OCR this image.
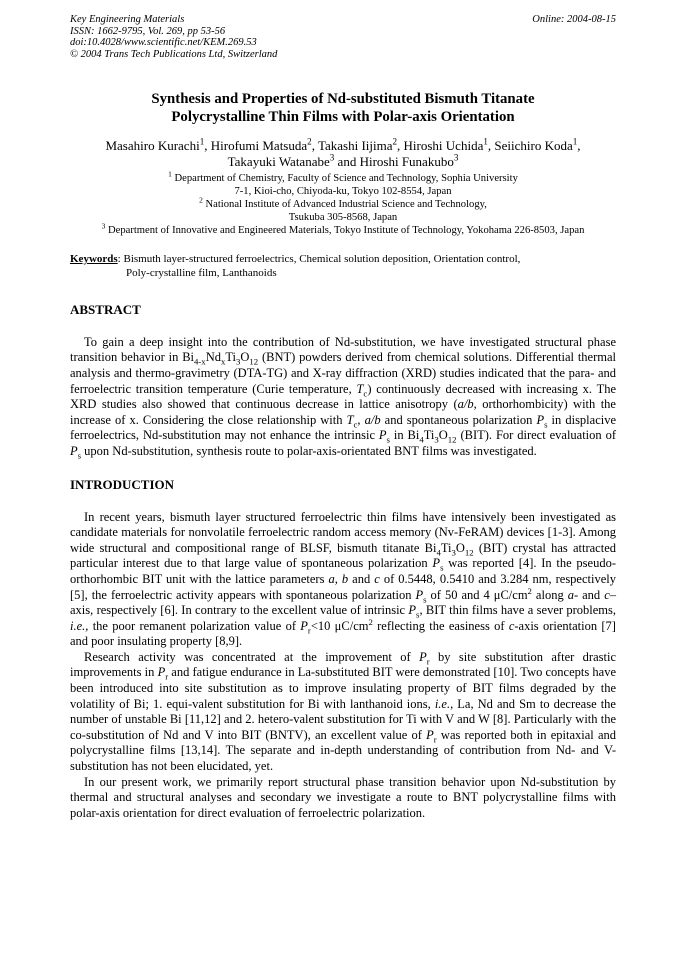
Key Engineering Materials
ISSN: 1662-9795, Vol. 269, pp 53-56
doi:10.4028/www.scientific.net/KEM.269.53
© 2004 Trans Tech Publications Ltd, Switzerland
Online: 2004-08-15
Synthesis and Properties of Nd-substituted Bismuth Titanate
Polycrystalline Thin Films with Polar-axis Orientation
Masahiro Kurachi$^1$, Hirofumi Matsuda$^2$, Takashi Iijima$^2$, Hiroshi Uchida$^1$, Seiichiro Koda$^1$,
Takayuki Watanabe$^3$ and Hiroshi Funakubo$^3$
$^1$ Department of Chemistry, Faculty of Science and Technology, Sophia University
7-1, Kioi-cho, Chiyoda-ku, Tokyo 102-8554, Japan
$^2$ National Institute of Advanced Industrial Science and Technology,
Tsukuba 305-8568, Japan
$^3$ Department of Innovative and Engineered Materials, Tokyo Institute of Technology, Yokohama 226-8503, Japan
Keywords: Bismuth layer-structured ferroelectrics, Chemical solution deposition, Orientation control,
Poly-crystalline film, Lanthanoids
ABSTRACT

To gain a deep insight into the contribution of Nd-substitution, we have investigated structural phase transition behavior in $Bi_{4-x}Nd_xTi_3O_{12}$ (BNT) powders derived from chemical solutions. Differential thermal analysis and thermo-gravimetry (DTA-TG) and X-ray diffraction (XRD) studies indicated that the para- and ferroelectric transition temperature (Curie temperature, $T_c$) continuously decreased with increasing x. The XRD studies also showed that continuous decrease in lattice anisotropy (a/b, orthorhombicity) with the increase of x. Considering the close relationship with $T_c$, a/b and spontaneous polarization $P_s$ in displacive ferroelectrics, Nd-substitution may not enhance the intrinsic $P_s$ in $Bi_4Ti_3O_{12}$ (BIT). For direct evaluation of $P_s$ upon Nd-substitution, synthesis route to polar-axis-orientated BNT films was investigated.

INTRODUCTION

In recent years, bismuth layer structured ferroelectric thin films have intensively been investigated as candidate materials for nonvolatile ferroelectric random access memory (Nv-FeRAM) devices [1-3]. Among wide structural and compositional range of BLSF, bismuth titanate $Bi_4Ti_3O_{12}$ (BIT) crystal has attracted particular interest due to that large value of spontaneous polarization $P_s$ was reported [4]. In the pseudo-orthorhombic BIT unit with the lattice parameters a, b and c of 0.5448, 0.5410 and 3.284 nm, respectively [5], the ferroelectric activity appears with spontaneous polarization $P_s$ of 50 and 4 $\mu C/cm^2$ along a- and c–axis, respectively [6]. In contrary to the excellent value of intrinsic $P_s$, BIT thin films have a sever problems, i.e., the poor remanent polarization value of $P_r<10$ $\mu C/cm^2$ reflecting the easiness of c-axis orientation [7] and poor insulating property [8,9].

Research activity was concentrated at the improvement of $P_r$ by site substitution after drastic improvements in $P_r$ and fatigue endurance in La-substituted BIT were demonstrated [10]. Two concepts have been introduced into site substitution as to improve insulating property of BIT films degraded by the volatility of Bi; 1. equi-valent substitution for Bi with lanthanoid ions, i.e., La, Nd and Sm to decrease the number of unstable Bi [11,12] and 2. hetero-valent substitution for Ti with V and W [8]. Particularly with the co-substitution of Nd and V into BIT (BNTV), an excellent value of $P_r$ was reported both in epitaxial and polycrystalline films [13,14]. The separate and in-depth understanding of contribution from Nd- and V-substitution has not been elucidated, yet.

In our present work, we primarily report structural phase transition behavior upon Nd-substitution by thermal and structural analyses and secondary we investigate a route to BNT polycrystalline films with polar-axis orientation for direct evaluation of ferroelectric polarization.
